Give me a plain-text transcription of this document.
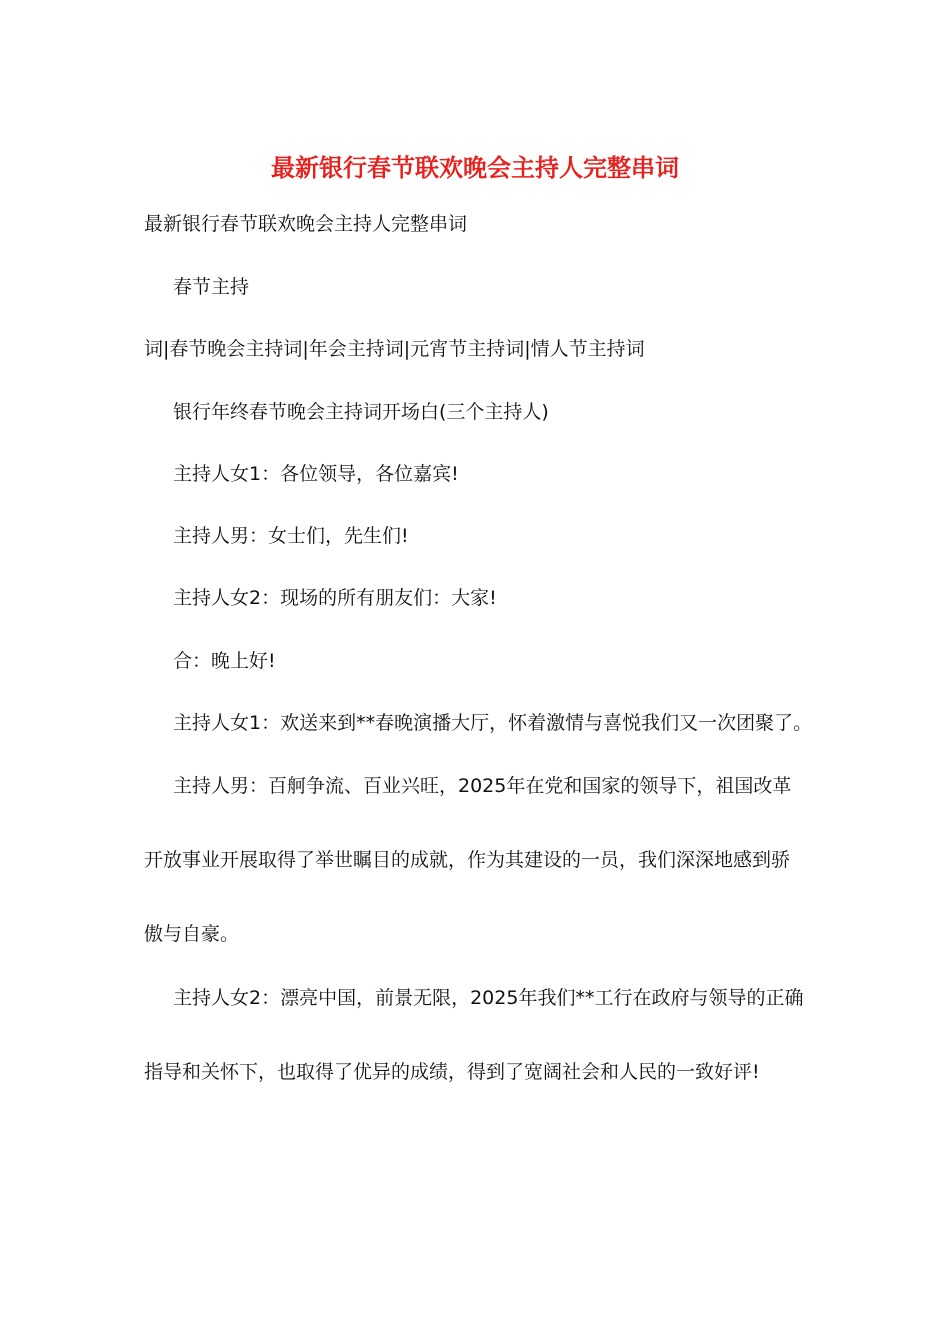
最新银行春节联欢晚会主持人完整串词
最新银行春节联欢晚会主持人完整串词
春节主持
词|春节晚会主持词|年会主持词|元宵节主持词|情人节主持词
银行年终春节晚会主持词开场白(三个主持人)
主持人女1：各位领导，各位嘉宾!
主持人男：女士们，先生们!
主持人女2：现场的所有朋友们：大家!
合：晚上好!
主持人女1：欢送来到**春晚演播大厅，怀着激情与喜悦我们又一次团聚了。
主持人男：百舸争流、百业兴旺，2025年在党和国家的领导下，祖国改革
开放事业开展取得了举世瞩目的成就，作为其建设的一员，我们深深地感到骄
傲与自豪。
主持人女2：漂亮中国，前景无限，2025年我们**工行在政府与领导的正确
指导和关怀下，也取得了优异的成绩，得到了宽阔社会和人民的一致好评!
